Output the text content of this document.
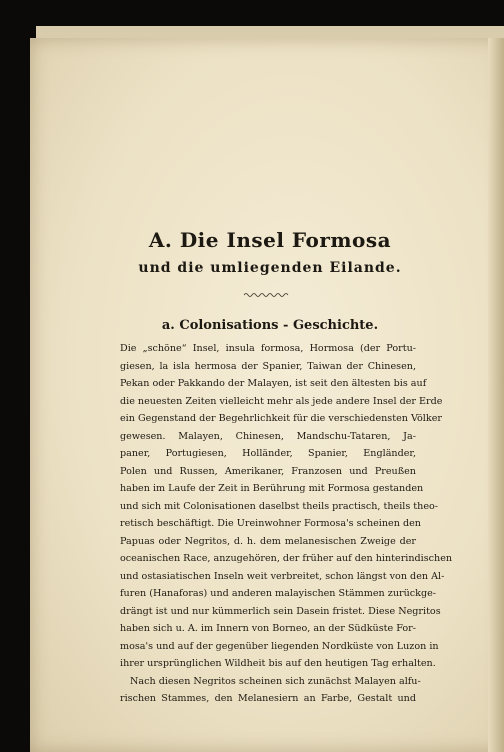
A. Die Insel Formosa
und die umliegenden Eilande.
a. Colonisations - Geschichte.
Die „schöne“ Insel, insula formosa, Hormosa (der Portu-
giesen, la isla hermosa der Spanier, Taiwan der Chinesen,
Pekan oder Pakkando der Malayen, ist seit den ältesten bis auf
die neuesten Zeiten vielleicht mehr als jede andere Insel der Erde
ein Gegenstand der Begehrlichkeit für die verschiedensten Völker
gewesen. Malayen, Chinesen, Mandschu-Tataren, Ja-
paner, Portugiesen, Holländer, Spanier, Engländer,
Polen und Russen, Amerikaner, Franzosen und Preußen
haben im Laufe der Zeit in Berührung mit Formosa gestanden
und sich mit Colonisationen daselbst theils practisch, theils theo-
retisch beschäftigt. Die Ureinwohner Formosa's scheinen den
Papuas oder Negritos, d. h. dem melanesischen Zweige der
oceanischen Race, anzugehören, der früher auf den hinterindischen
und ostasiatischen Inseln weit verbreitet, schon längst von den Al-
furen (Hanaforas) und anderen malayischen Stämmen zurückge-
drängt ist und nur kümmerlich sein Dasein fristet. Diese Negritos
haben sich u. A. im Innern von Borneo, an der Südküste For-
mosa's und auf der gegenüber liegenden Nordküste von Luzon in
ihrer ursprünglichen Wildheit bis auf den heutigen Tag erhalten.
Nach diesen Negritos scheinen sich zunächst Malayen alfu-
rischen Stammes, den Melanesiern an Farbe, Gestalt und
